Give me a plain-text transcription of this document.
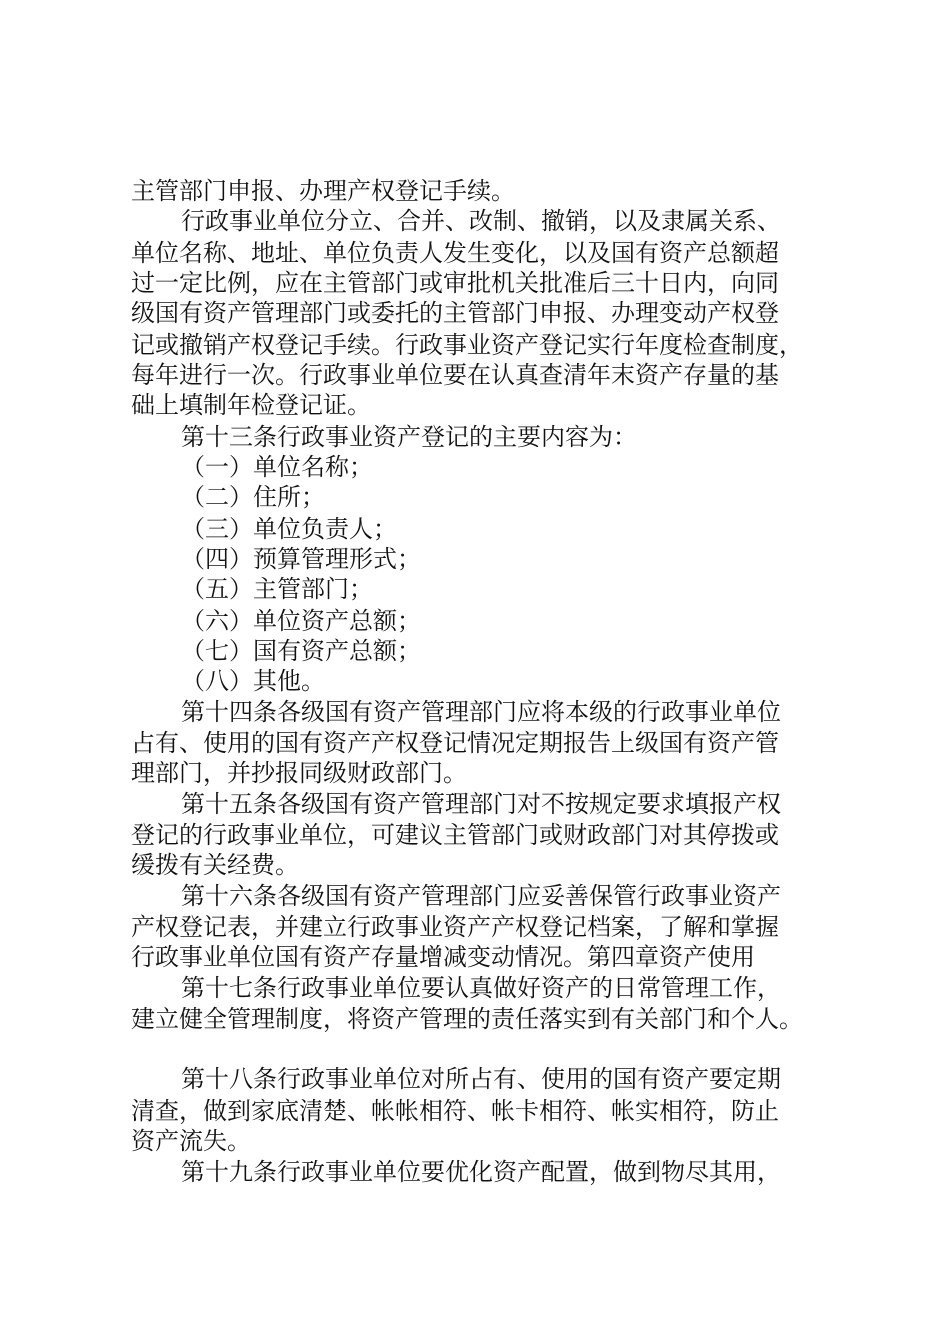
主管部门申报、办理产权登记手续。
行政事业单位分立、合并、改制、撤销，以及隶属关系、
单位名称、地址、单位负责人发生变化，以及国有资产总额超
过一定比例，应在主管部门或审批机关批准后三十日内，向同
级国有资产管理部门或委托的主管部门申报、办理变动产权登
记或撤销产权登记手续。行政事业资产登记实行年度检查制度，
每年进行一次。行政事业单位要在认真查清年末资产存量的基
础上填制年检登记证。
第十三条行政事业资产登记的主要内容为：
（一）单位名称；
（二）住所；
（三）单位负责人；
（四）预算管理形式；
（五）主管部门；
（六）单位资产总额；
（七）国有资产总额；
（八）其他。
第十四条各级国有资产管理部门应将本级的行政事业单位
占有、使用的国有资产产权登记情况定期报告上级国有资产管
理部门，并抄报同级财政部门。
第十五条各级国有资产管理部门对不按规定要求填报产权
登记的行政事业单位，可建议主管部门或财政部门对其停拨或
缓拨有关经费。
第十六条各级国有资产管理部门应妥善保管行政事业资产
产权登记表，并建立行政事业资产产权登记档案，了解和掌握
行政事业单位国有资产存量增减变动情况。第四章资产使用
第十七条行政事业单位要认真做好资产的日常管理工作，
建立健全管理制度，将资产管理的责任落实到有关部门和个人。
第十八条行政事业单位对所占有、使用的国有资产要定期
清查，做到家底清楚、帐帐相符、帐卡相符、帐实相符，防止
资产流失。
第十九条行政事业单位要优化资产配置，做到物尽其用，
